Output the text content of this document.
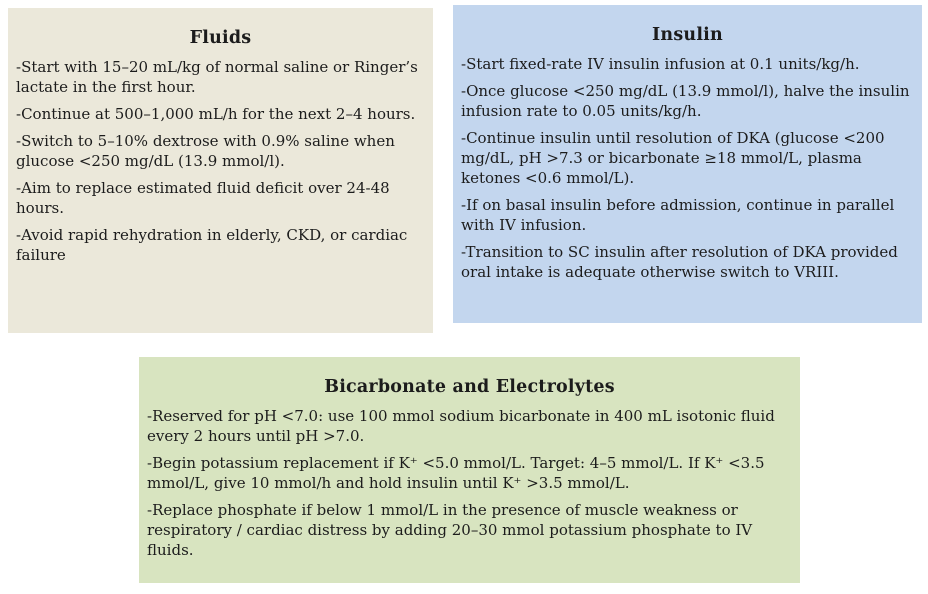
Fluids

-Start with 15–20 mL/kg of normal saline or Ringer’s lactate in the first hour.

-Continue at 500–1,000 mL/h for the next 2–4 hours.

-Switch to 5–10% dextrose with 0.9% saline when glucose <250 mg/dL (13.9 mmol/l).

-Aim to replace estimated fluid deficit over 24-48 hours.

-Avoid rapid rehydration in elderly, CKD, or cardiac failure

Insulin

-Start fixed-rate IV insulin infusion at 0.1 units/kg/h.

-Once glucose <250 mg/dL (13.9 mmol/l), halve the insulin infusion rate to 0.05 units/kg/h.

-Continue insulin until resolution of DKA (glucose <200 mg/dL, pH >7.3 or bicarbonate ≥18 mmol/L, plasma ketones <0.6 mmol/L).

-If on basal insulin before admission, continue in parallel with IV infusion.

-Transition to SC insulin after resolution of DKA provided oral intake is adequate otherwise switch to VRIII.

Bicarbonate and Electrolytes

-Reserved for pH <7.0: use 100 mmol sodium bicarbonate in 400 mL isotonic fluid every 2 hours until pH >7.0.

-Begin potassium replacement if K⁺ <5.0 mmol/L. Target: 4–5 mmol/L. If K⁺ <3.5 mmol/L, give 10 mmol/h and hold insulin until K⁺ >3.5 mmol/L.

-Replace phosphate if below 1 mmol/L in the presence of muscle weakness or respiratory / cardiac distress by adding 20–30 mmol potassium phosphate to IV fluids.
